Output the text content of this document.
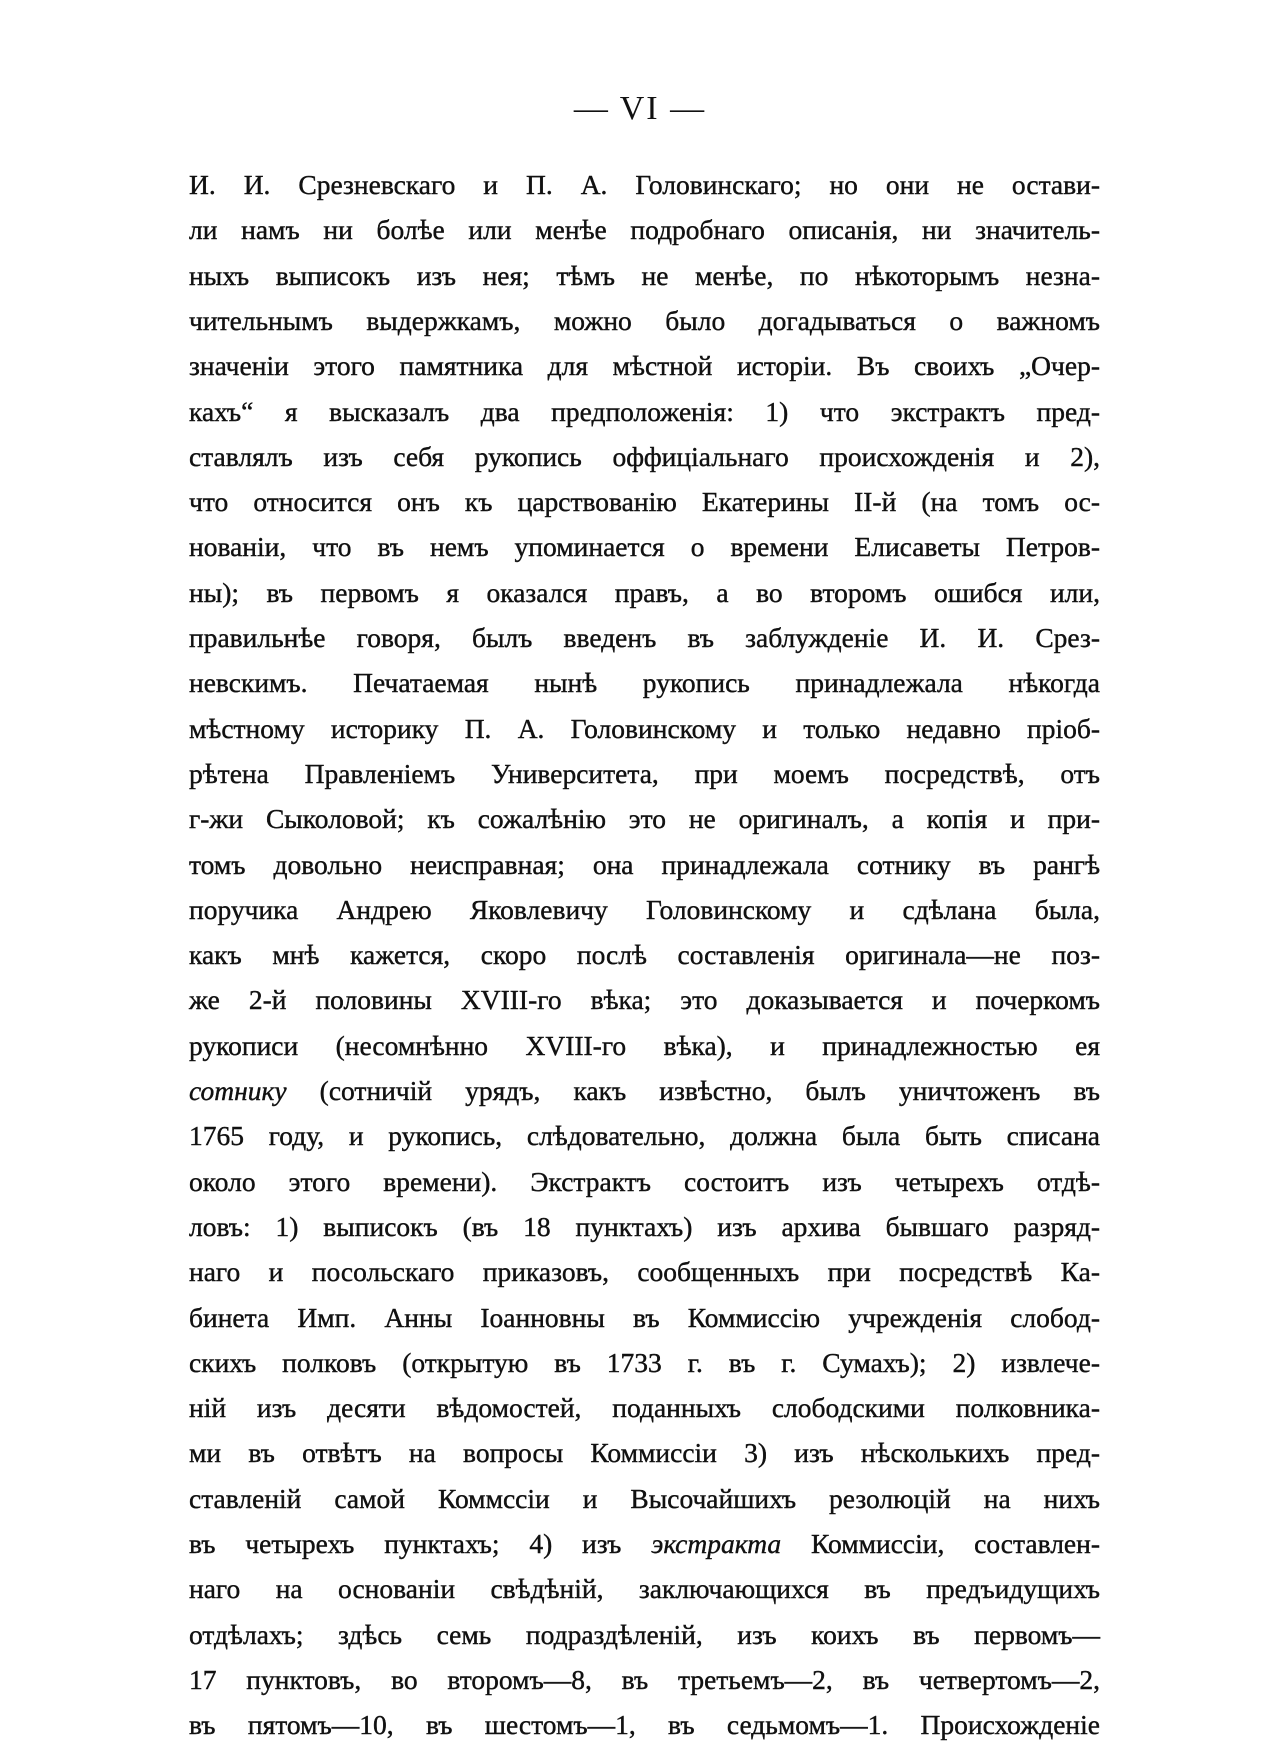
— VI —
И. И. Срезневскаго и П. А. Головинскаго; но они не остави-
ли намъ ни болѣе или менѣе подробнаго описанія, ни значитель-
ныхъ выписокъ изъ нея; тѣмъ не менѣе, по нѣкоторымъ незна-
чительнымъ выдержкамъ, можно было догадываться о важномъ
значеніи этого памятника для мѣстной исторіи. Въ своихъ „Очер-
кахъ“ я высказалъ два предположенія: 1) что экстрактъ пред-
ставлялъ изъ себя рукопись оффиціальнаго происхожденія и 2),
что относится онъ къ царствованію Екатерины II-й (на томъ ос-
нованіи, что въ немъ упоминается о времени Елисаветы Петров-
ны); въ первомъ я оказался правъ, а во второмъ ошибся или,
правильнѣе говоря, былъ введенъ въ заблужденіе И. И. Срез-
невскимъ. Печатаемая нынѣ рукопись принадлежала нѣкогда
мѣстному историку П. А. Головинскому и только недавно пріоб-
рѣтена Правленіемъ Университета, при моемъ посредствѣ, отъ
г-жи Сыколовой; къ сожалѣнію это не оригиналъ, а копія и при-
томъ довольно неисправная; она принадлежала сотнику въ рангѣ
поручика Андрею Яковлевичу Головинскому и сдѣлана была,
какъ мнѣ кажется, скоро послѣ составленія оригинала—не поз-
же 2-й половины XVIII-го вѣка; это доказывается и почеркомъ
рукописи (несомнѣнно XVIII-го вѣка), и принадлежностью ея
сотнику (сотничій урядъ, какъ извѣстно, былъ уничтоженъ въ
1765 году, и рукопись, слѣдовательно, должна была быть списана
около этого времени). Экстрактъ состоитъ изъ четырехъ отдѣ-
ловъ: 1) выписокъ (въ 18 пунктахъ) изъ архива бывшаго разряд-
наго и посольскаго приказовъ, сообщенныхъ при посредствѣ Ка-
бинета Имп. Анны Іоанновны въ Коммиссію учрежденія слобод-
скихъ полковъ (открытую въ 1733 г. въ г. Сумахъ); 2) извлече-
ній изъ десяти вѣдомостей, поданныхъ слободскими полковника-
ми въ отвѣтъ на вопросы Коммиссіи 3) изъ нѣсколькихъ пред-
ставленій самой Коммссіи и Высочайшихъ резолюцій на нихъ
въ четырехъ пунктахъ; 4) изъ экстракта Коммиссіи, составлен-
наго на основаніи свѣдѣній, заключающихся въ предъидущихъ
отдѣлахъ; здѣсь семь подраздѣленій, изъ коихъ въ первомъ—
17 пунктовъ, во второмъ—8, въ третьемъ—2, въ четвертомъ—2,
въ пятомъ—10, въ шестомъ—1, въ седьмомъ—1. Происхожденіе
